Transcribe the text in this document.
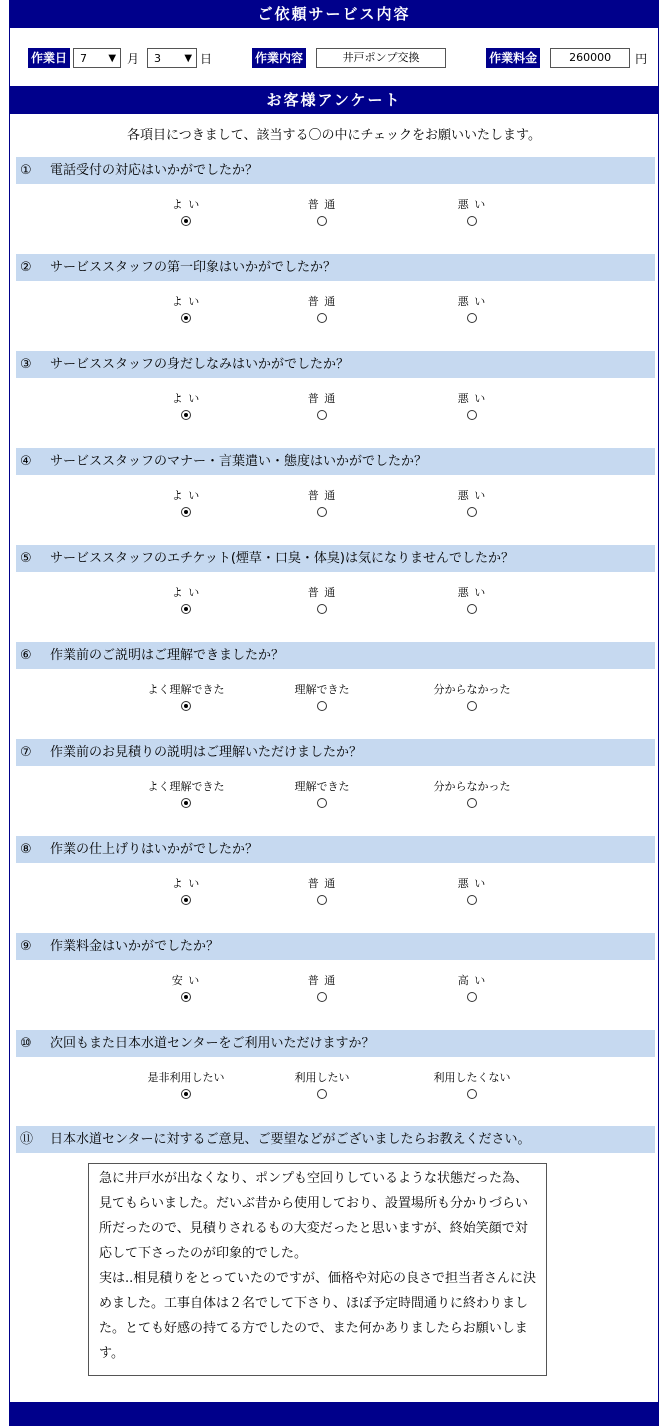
ご依頼サービス内容
作業日 7 ▼ 月 3 ▼ 日	作業内容	井戸ポンプ交換	作業料金	260000	円
お客様アンケート
各項目につきまして、該当する〇の中にチェックをお願いいたします。
① 電話受付の対応はいかがでしたか？
よ い	普 通	悪 い
② サービススタッフの第一印象はいかがでしたか？
よ い	普 通	悪 い
③ サービススタッフの身だしなみはいかがでしたか？
よ い	普 通	悪 い
④ サービススタッフのマナー・言葉遣い・態度はいかがでしたか？
よ い	普 通	悪 い
⑤ サービススタッフのエチケット(煙草・口臭・体臭)は気になりませんでしたか？
よ い	普 通	悪 い
⑥ 作業前のご説明はご理解できましたか？
よく理解できた	理解できた	分からなかった
⑦ 作業前のお見積りの説明はご理解いただけましたか？
よく理解できた	理解できた	分からなかった
⑧ 作業の仕上げりはいかがでしたか？
よ い	普 通	悪 い
⑨ 作業料金はいかがでしたか？
安 い	普 通	高 い
⑩ 次回もまた日本水道センターをご利用いただけますか？
是非利用したい	利用したい	利用したくない
⑪ 日本水道センターに対するご意見、ご要望などがございましたらお教えください。
急に井戸水が出なくなり、ポンプも空回りしているような状態だった為、見てもらいました。だいぶ昔から使用しており、設置場所も分かりづらい所だったので、見積りされるもの大変だったと思いますが、終始笑顔で対応して下さったのが印象的でした。
実は..相見積りをとっていたのですが、価格や対応の良さで担当者さんに決めました。工事自体は２名でして下さり、ほぼ予定時間通りに終わりました。とても好感の持てる方でしたので、また何かありましたらお願いします。
